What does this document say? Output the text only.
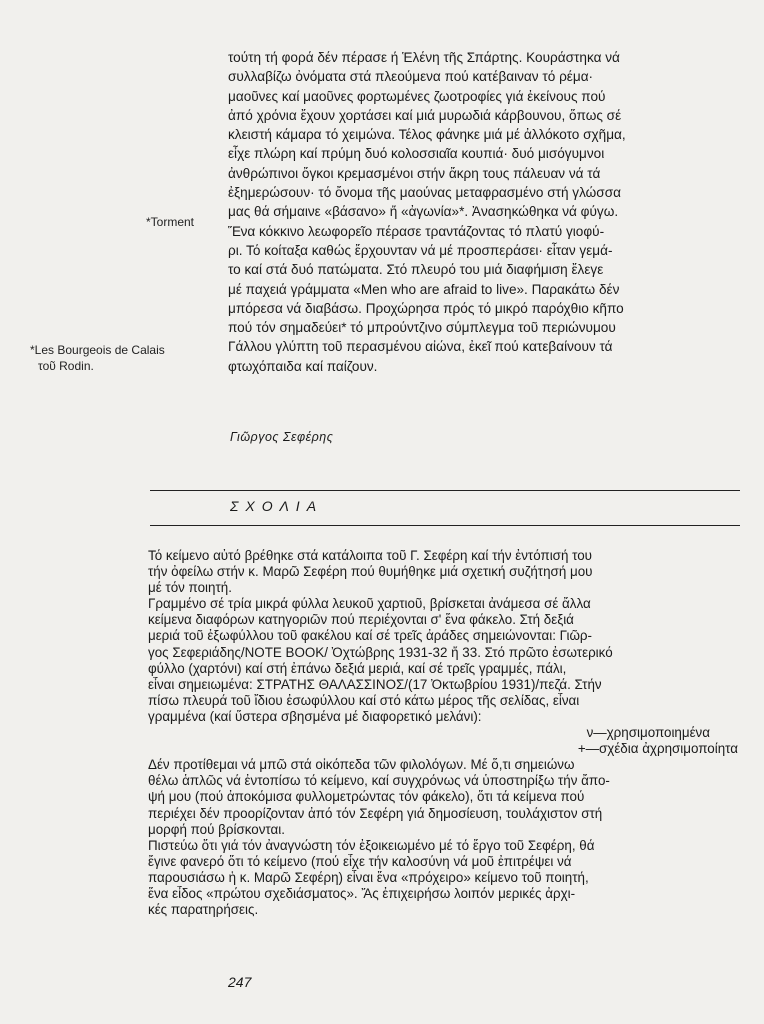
τούτη τή φορά δέν πέρασε ή Ἑλένη τῆς Σπάρτης. Κουράστηκα νά
συλλαβίζω ὀνόματα στά πλεούμενα πού κατέβαιναν τό ρέμα·
μαοῦνες καί μαοῦνες φορτωμένες ζωοτροφίες γιά ἐκείνους πού
ἀπό χρόνια ἔχουν χορτάσει καί μιά μυρωδιά κάρβουνου, ὅπως σέ
κλειστή κάμαρα τό χειμώνα. Τέλος φάνηκε μιά μέ ἀλλόκοτο σχῆμα,
εἶχε πλώρη καί πρύμη δυό κολοσσιαῖα κουπιά· δυό μισόγυμνοι
ἀνθρώπινοι ὄγκοι κρεμασμένοι στήν ἄκρη τους πάλευαν νά τά
ἐξημερώσουν· τό ὄνομα τῆς μαούνας μεταφρασμένο στή γλώσσα
μας θά σήμαινε «βάσανο» ἤ «ἀγωνία»*. Ἀνασηκώθηκα νά φύγω.
Ἕνα κόκκινο λεωφορεῖο πέρασε τραντάζοντας τό πλατύ γιοφύ-
ρι. Τό κοίταξα καθώς ἔρχουνταν νά μέ προσπεράσει· εἶταν γεμά-
το καί στά δυό πατώματα. Στό πλευρό του μιά διαφήμιση ἔλεγε
μέ παχειά γράμματα «Men who are afraid to live». Παρακάτω δέν
μπόρεσα νά διαβάσω. Προχώρησα πρός τό μικρό παρόχθιο κῆπο
πού τόν σημαδεύει* τό μπρούντζινο σύμπλεγμα τοῦ περιώνυμου
Γάλλου γλύπτη τοῦ περασμένου αἰώνα, ἐκεῖ πού κατεβαίνουν τά
φτωχόπαιδα καί παίζουν.
*Torment
*Les Bourgeois de Calais
τοῦ Rodin.
Γιῶργος Σεφέρης
ΣΧΟΛΙΑ
Τό κείμενο αὐτό βρέθηκε στά κατάλοιπα τοῦ Γ. Σεφέρη καί τήν ἐντόπισή του
τήν ὀφείλω στήν κ. Μαρῶ Σεφέρη πού θυμήθηκε μιά σχετική συζήτησή μου
μέ τόν ποιητή.
Γραμμένο σέ τρία μικρά φύλλα λευκοῦ χαρτιοῦ, βρίσκεται ἀνάμεσα σέ ἄλλα
κείμενα διαφόρων κατηγοριῶν πού περιέχονται σ' ἕνα φάκελο. Στή δεξιά
μεριά τοῦ ἐξωφύλλου τοῦ φακέλου καί σέ τρεῖς ἀράδες σημειώνονται: Γιῶρ-
γος Σεφεριάδης/NOTE BOOK/ Ὀχτώβρης 1931-32 ἤ 33. Στό πρῶτο ἐσωτερικό
φύλλο (χαρτόνι) καί στή ἐπάνω δεξιά μεριά, καί σέ τρεῖς γραμμές, πάλι,
εἶναι σημειωμένα: ΣΤΡΑΤΗΣ ΘΑΛΑΣΣΙΝΟΣ/(17 Ὀκτωβρίου 1931)/πεζά. Στήν
πίσω πλευρά τοῦ ἴδιου ἐσωφύλλου καί στό κάτω μέρος τῆς σελίδας, εἶναι
γραμμένα (καί ὕστερα σβησμένα μέ διαφορετικό μελάνι):
ν—χρησιμοποιημένα
+—σχέδια ἀχρησιμοποίητα
Δέν προτίθεμαι νά μπῶ στά οἰκόπεδα τῶν φιλολόγων. Μέ ὅ,τι σημειώνω
θέλω ἁπλῶς νά ἐντοπίσω τό κείμενο, καί συγχρόνως νά ὑποστηρίξω τήν ἄπο-
ψή μου (πού ἀποκόμισα φυλλομετρώντας τόν φάκελο), ὅτι τά κείμενα πού
περιέχει δέν προορίζονταν ἀπό τόν Σεφέρη γιά δημοσίευση, τουλάχιστον στή
μορφή πού βρίσκονται.
Πιστεύω ὅτι γιά τόν ἀναγνώστη τόν ἐξοικειωμένο μέ τό ἔργο τοῦ Σεφέρη, θά
ἔγινε φανερό ὅτι τό κείμενο (πού εἶχε τήν καλοσύνη νά μοῦ ἐπιτρέψει νά
παρουσιάσω ἡ κ. Μαρῶ Σεφέρη) εἶναι ἕνα «πρόχειρο» κείμενο τοῦ ποιητή,
ἕνα εἶδος «πρώτου σχεδιάσματος». Ἄς ἐπιχειρήσω λοιπόν μερικές ἀρχι-
κές παρατηρήσεις.
247
